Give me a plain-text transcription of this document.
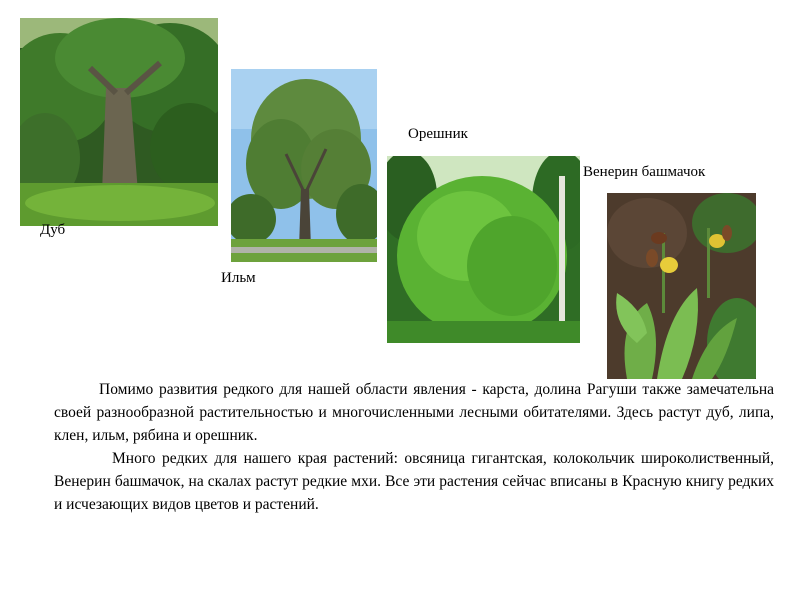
Дуб
Ильм
Орешник
Венерин башмачок

Помимо развития редкого для нашей области явления - карста, долина Рагуши также замечательна своей разнообразной растительностью и многочисленными лесными обитателями. Здесь растут дуб, липа, клен, ильм, рябина и орешник.

Много редких для нашего края растений: овсяница гигантская, колокольчик широколиственный, Венерин башмачок, на скалах растут редкие мхи. Все эти растения сейчас вписаны в Красную книгу редких и исчезающих видов цветов и растений.
